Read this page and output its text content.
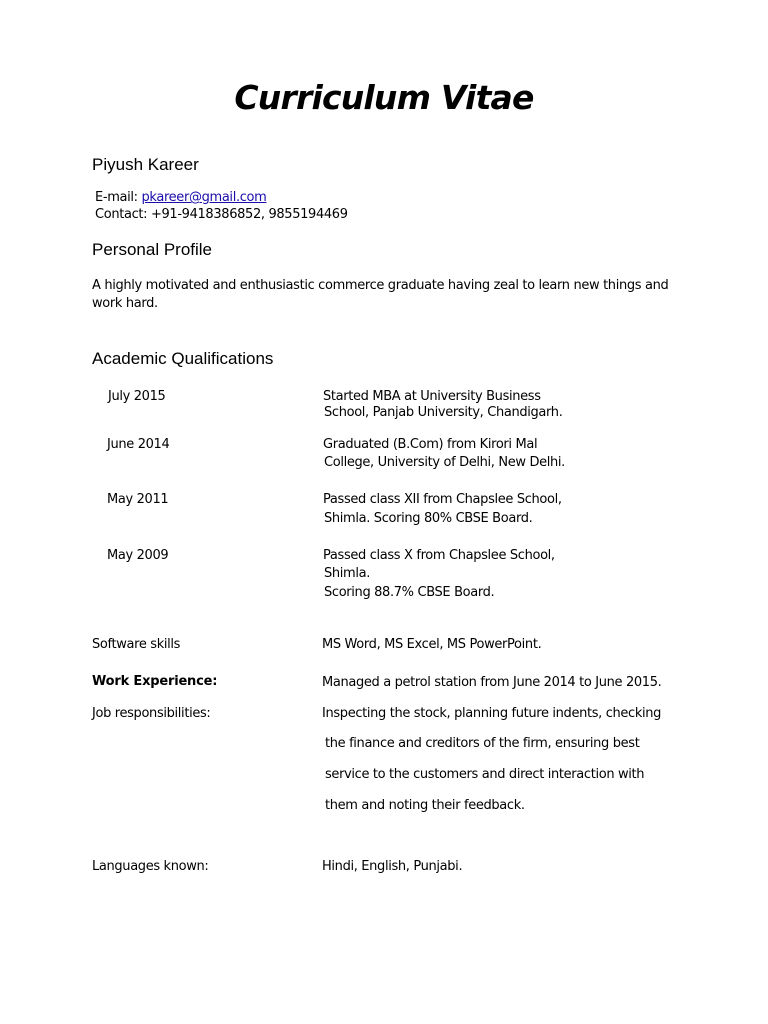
Curriculum Vitae
Piyush Kareer
E-mail: pkareer@gmail.com
Contact: +91-9418386852, 9855194469
Personal Profile
A highly motivated and enthusiastic commerce graduate having zeal to learn new things and
work hard.
Academic Qualifications
July 2015	Started MBA at University Business
School, Panjab University, Chandigarh.
June 2014	Graduated (B.Com) from Kirori Mal
College, University of Delhi, New Delhi.
May 2011	Passed class XII from Chapslee School,
Shimla. Scoring 80% CBSE Board.
May 2009	Passed class X from Chapslee School,
Shimla.
Scoring 88.7% CBSE Board.
Software skills	MS Word, MS Excel, MS PowerPoint.
Work Experience:	Managed a petrol station from June 2014 to June 2015.
Job responsibilities:	Inspecting the stock, planning future indents, checking
the finance and creditors of the firm, ensuring best
service to the customers and direct interaction with
them and noting their feedback.
Languages known:	Hindi, English, Punjabi.
